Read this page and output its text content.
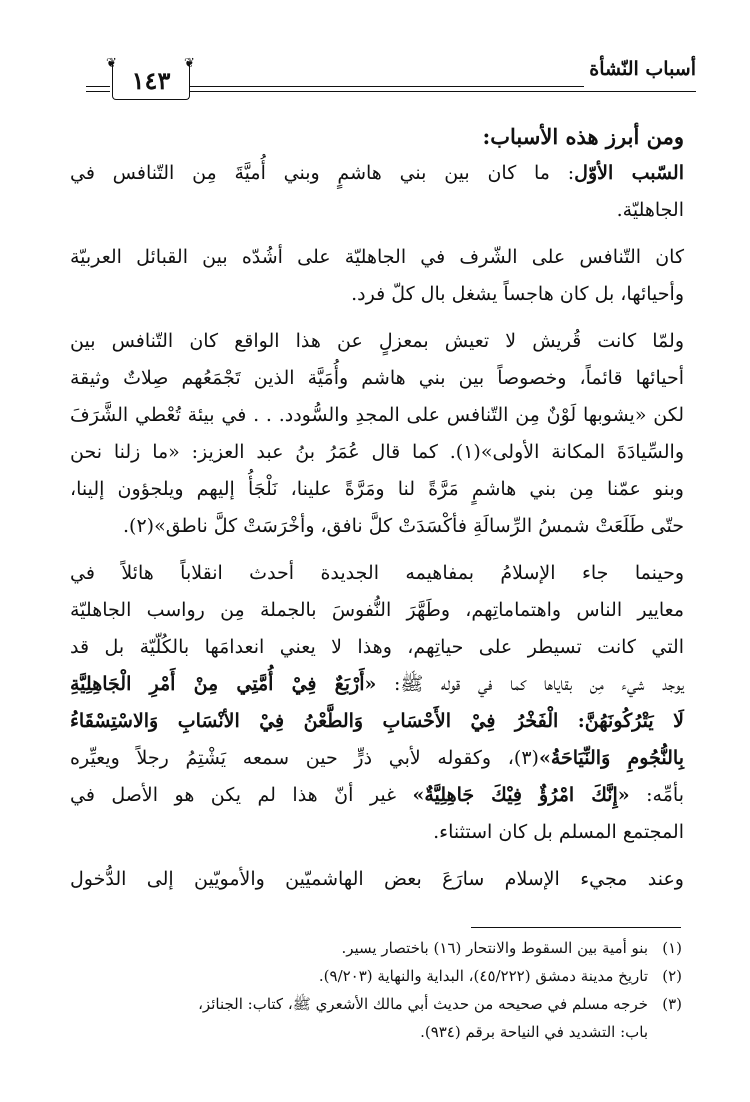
أسباب النّشأة
❦	❦
١٤٣
ومن أبرز هذه الأسباب:
السّبب الأوّل: ما كان بين بني هاشمٍ وبني أُميَّةَ مِن التّنافس في
الجاهليّة.
كان التّنافس على الشّرف في الجاهليّة على أشُدّه بين القبائل العربيّة
وأحيائها، بل كان هاجساً يشغل بال كلّ فرد.
ولمّا كانت قُريش لا تعيش بمعزلٍ عن هذا الواقع كان التّنافس بين
أحيائها قائماً، وخصوصاً بين بني هاشم وأُمَيَّة الذين تَجْمَعُهم صِلاتٌ وثيقة
لكن «يشوبها لَوْنٌ مِن التّنافس على المجدِ والسُّودد. . . في بيئة تُعْطي الشَّرَفَ
والسِّيادَةَ المكانة الأولى»(١). كما قال عُمَرُ بنُ عبد العزيز: «ما زلنا نحن
وبنو عمّنا مِن بني هاشمٍ مَرَّةً لنا ومَرَّةً علينا، نَلْجَأُ إليهم ويلجؤون إلينا،
حتّى طَلَعَتْ شمسُ الرِّسالَةِ فأكْسَدَتْ كلَّ نافق، وأخْرَسَتْ كلَّ ناطق»(٢).
وحينما جاء الإسلامُ بمفاهيمه الجديدة أحدث انقلاباً هائلاً في
معايير الناس واهتماماتِهم، وطَهَّرَ النُّفوسَ بالجملة مِن رواسب الجاهليّة
التي كانت تسيطر على حياتِهم، وهذا لا يعني انعدامَها بالكُلّيّة بل قد
يوجد شيء مِن بقاياها كما في قوله ﷺ: «أَرْبَعٌ فِيْ أُمَّتِي مِنْ أَمْرِ الْجَاهِلِيَّةِ
لَا يَتْرُكُونَهُنَّ: الْفَخْرُ فِيْ الأَحْسَابِ وَالطَّعْنُ فِيْ الأنْسَابِ وَالاسْتِسْقَاءُ
بِالنُّجُومِ وَالنِّيَاحَةُ»(٣)، وكقوله لأبي ذرٍّ حين سمعه يَشْتِمُ رجلاً ويعيِّره
بأمِّه: «إِنَّكَ امْرُؤٌ فِيْكَ جَاهِلِيَّةٌ» غير أنّ هذا لم يكن هو الأصل في
المجتمع المسلم بل كان استثناء.
وعند مجيء الإسلام سارَعَ بعض الهاشميّين والأمويّين إلى الدُّخول
(١)بنو أمية بين السقوط والانتحار (١٦) باختصار يسير.
(٢)تاريخ مدينة دمشق (٤٥/٢٢٢)، البداية والنهاية (٩/٢٠٣).
(٣)خرجه مسلم في صحيحه من حديث أبي مالك الأشعري ﷺ، كتاب: الجنائز،
باب: التشديد في النياحة برقم (٩٣٤).
